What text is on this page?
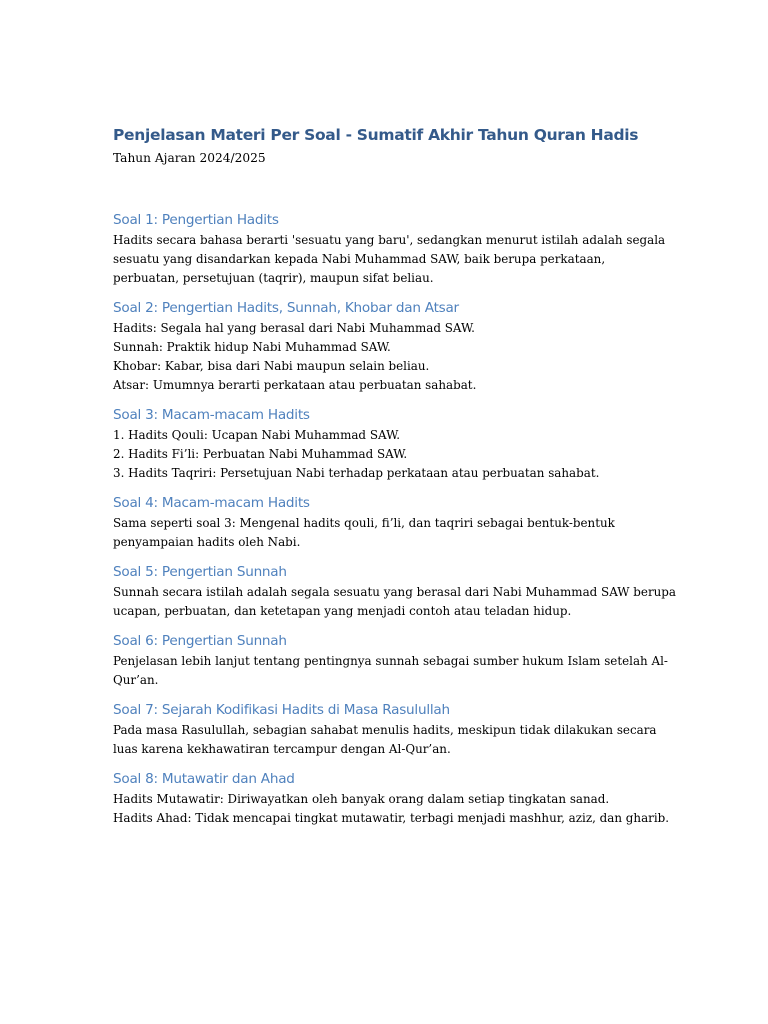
Penjelasan Materi Per Soal - Sumatif Akhir Tahun Quran Hadis

Tahun Ajaran 2024/2025

Soal 1: Pengertian Hadits
Hadits secara bahasa berarti 'sesuatu yang baru', sedangkan menurut istilah adalah segala
sesuatu yang disandarkan kepada Nabi Muhammad SAW, baik berupa perkataan,
perbuatan, persetujuan (taqrir), maupun sifat beliau.
Soal 2: Pengertian Hadits, Sunnah, Khobar dan Atsar
Hadits: Segala hal yang berasal dari Nabi Muhammad SAW.
Sunnah: Praktik hidup Nabi Muhammad SAW.
Khobar: Kabar, bisa dari Nabi maupun selain beliau.
Atsar: Umumnya berarti perkataan atau perbuatan sahabat.
Soal 3: Macam-macam Hadits
1. Hadits Qouli: Ucapan Nabi Muhammad SAW.
2. Hadits Fi’li: Perbuatan Nabi Muhammad SAW.
3. Hadits Taqriri: Persetujuan Nabi terhadap perkataan atau perbuatan sahabat.
Soal 4: Macam-macam Hadits
Sama seperti soal 3: Mengenal hadits qouli, fi’li, dan taqriri sebagai bentuk-bentuk
penyampaian hadits oleh Nabi.
Soal 5: Pengertian Sunnah
Sunnah secara istilah adalah segala sesuatu yang berasal dari Nabi Muhammad SAW berupa
ucapan, perbuatan, dan ketetapan yang menjadi contoh atau teladan hidup.
Soal 6: Pengertian Sunnah
Penjelasan lebih lanjut tentang pentingnya sunnah sebagai sumber hukum Islam setelah Al-
Qur’an.
Soal 7: Sejarah Kodifikasi Hadits di Masa Rasulullah
Pada masa Rasulullah, sebagian sahabat menulis hadits, meskipun tidak dilakukan secara
luas karena kekhawatiran tercampur dengan Al-Qur’an.
Soal 8: Mutawatir dan Ahad
Hadits Mutawatir: Diriwayatkan oleh banyak orang dalam setiap tingkatan sanad.
Hadits Ahad: Tidak mencapai tingkat mutawatir, terbagi menjadi mashhur, aziz, dan gharib.
